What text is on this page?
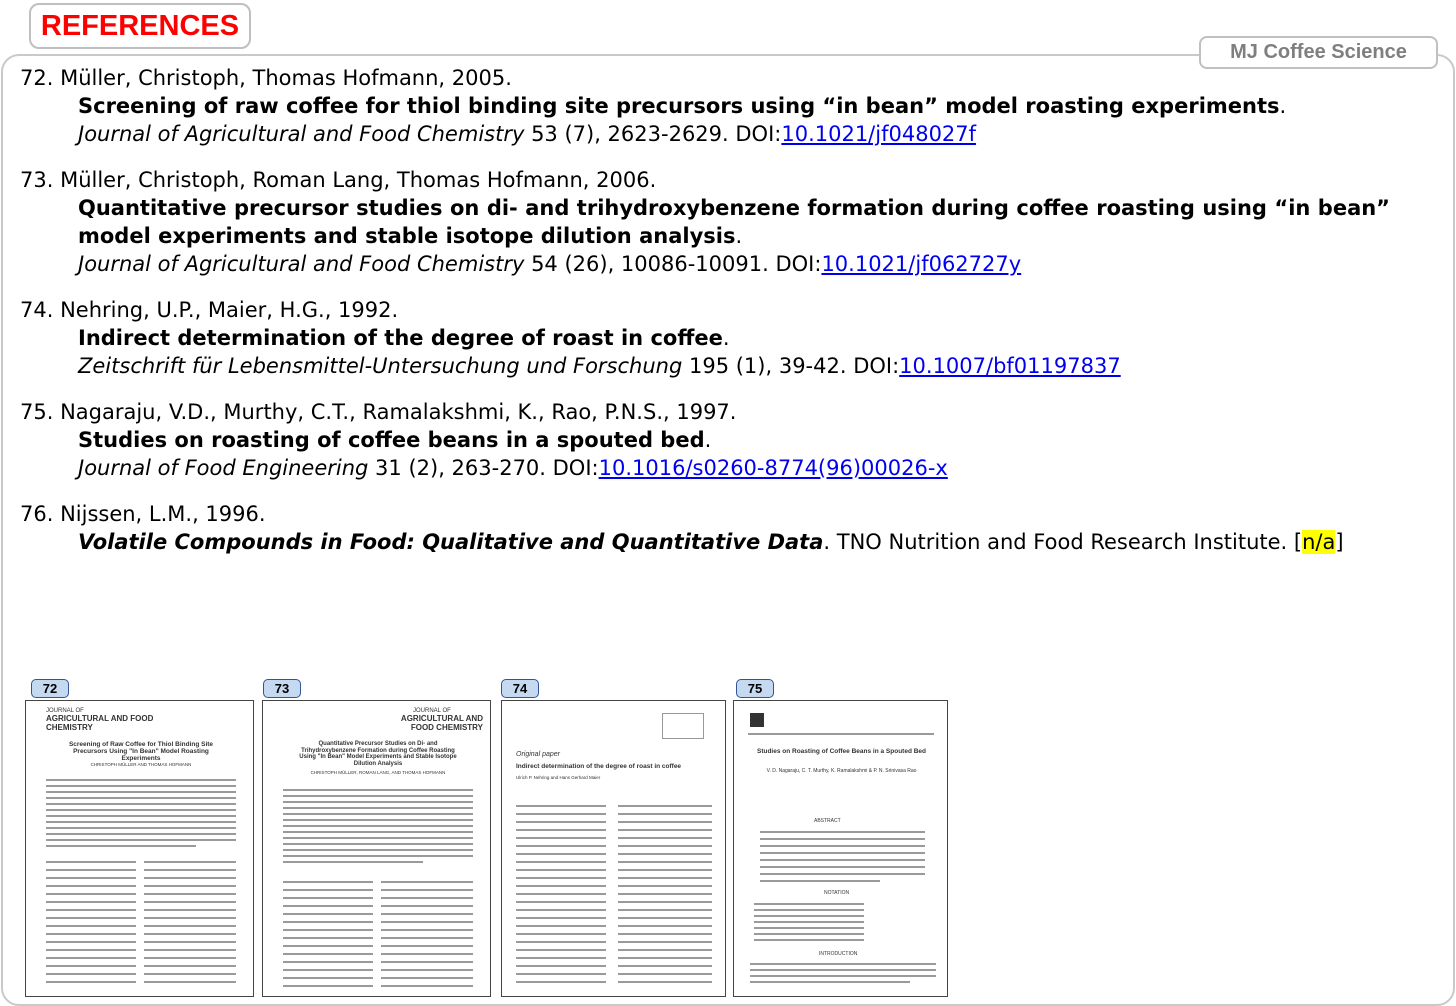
REFERENCES
MJ Coffee Science
72. Müller, Christoph, Thomas Hofmann, 2005.
Screening of raw coffee for thiol binding site precursors using “in bean” model roasting experiments.
Journal of Agricultural and Food Chemistry 53 (7), 2623-2629. DOI:10.1021/jf048027f
73. Müller, Christoph, Roman Lang, Thomas Hofmann, 2006.
Quantitative precursor studies on di- and trihydroxybenzene formation during coffee roasting using “in bean” model experiments and stable isotope dilution analysis.
Journal of Agricultural and Food Chemistry 54 (26), 10086-10091. DOI:10.1021/jf062727y
74. Nehring, U.P., Maier, H.G., 1992.
Indirect determination of the degree of roast in coffee.
Zeitschrift für Lebensmittel-Untersuchung und Forschung 195 (1), 39-42. DOI:10.1007/bf01197837
75. Nagaraju, V.D., Murthy, C.T., Ramalakshmi, K., Rao, P.N.S., 1997.
Studies on roasting of coffee beans in a spouted bed.
Journal of Food Engineering 31 (2), 263-270. DOI:10.1016/s0260-8774(96)00026-x
76. Nijssen, L.M., 1996.
Volatile Compounds in Food: Qualitative and Quantitative Data. TNO Nutrition and Food Research Institute. [n/a]
72
JOURNAL OF
AGRICULTURAL AND FOOD CHEMISTRY
Screening of Raw Coffee for Thiol Binding Site Precursors Using "In Bean" Model Roasting Experiments
CHRISTOPH MÜLLER AND THOMAS HOFMANN
73
JOURNAL OF
AGRICULTURAL AND FOOD CHEMISTRY
Quantitative Precursor Studies on Di- and Trihydroxybenzene Formation during Coffee Roasting Using "In Bean" Model Experiments and Stable Isotope Dilution Analysis
CHRISTOPH MÜLLER, ROMAN LANG, AND THOMAS HOFMANN
74
Original paper
Indirect determination of the degree of roast in coffee
Ulrich P. Nehring and Hans Gerhard Maier
75
Studies on Roasting of Coffee Beans in a Spouted Bed
V. D. Nagaraju, C. T. Murthy, K. Ramalakshmi & P. N. Srinivasa Rao
ABSTRACT
NOTATION
INTRODUCTION
